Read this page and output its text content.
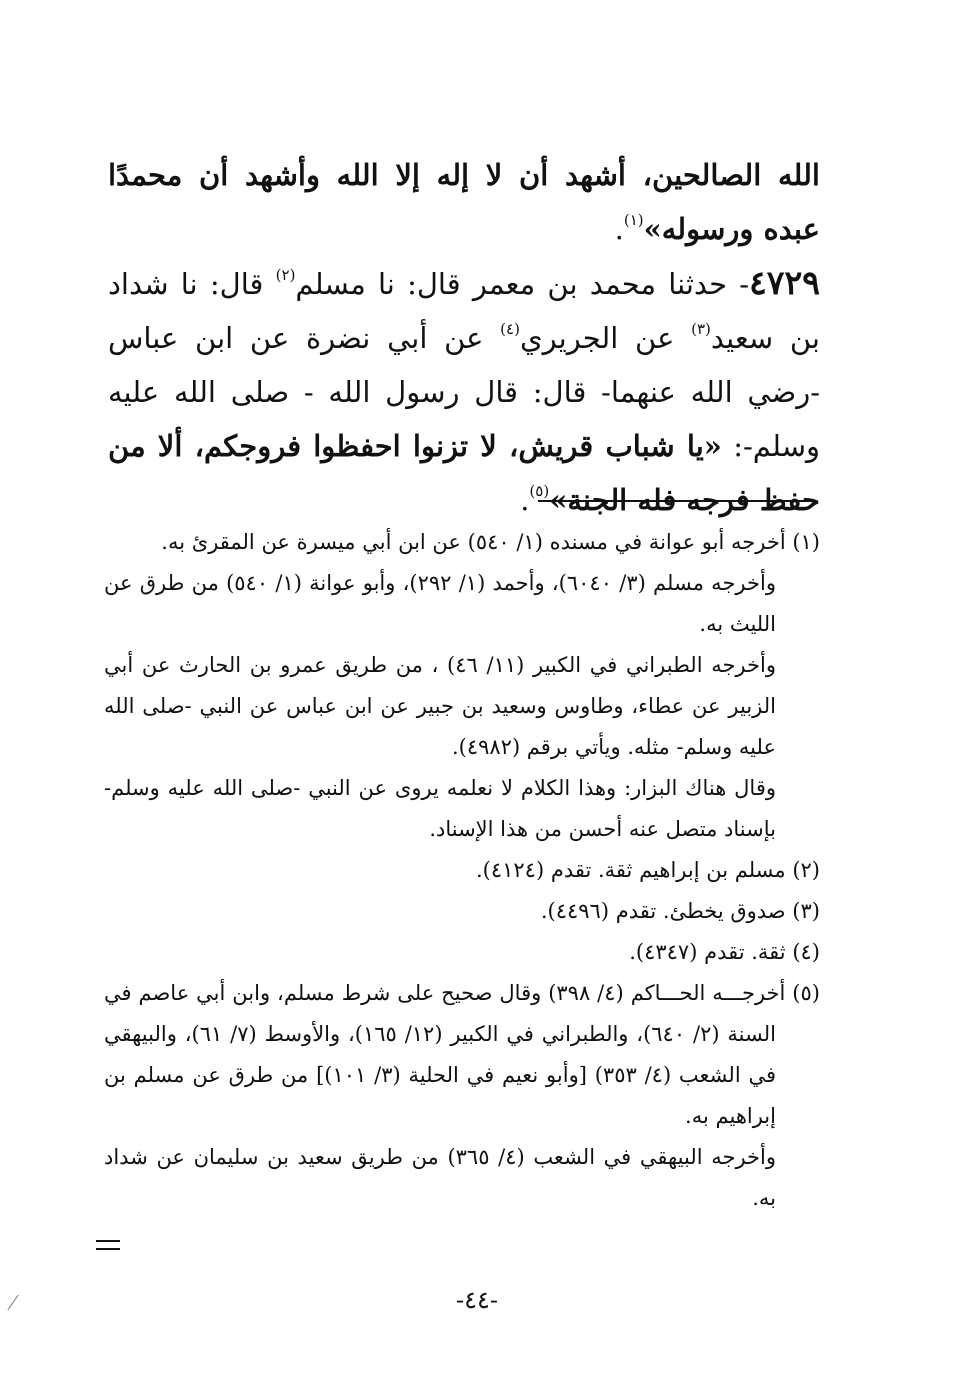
الله الصالحين، أشهد أن لا إله إلا الله وأشهد أن محمدًا عبده ورسوله»$^{(١)}$.

٤٧٢٩- حدثنا محمد بن معمر قال: نا مسلم$^{(٢)}$ قال: نا شداد بن سعيد$^{(٣)}$ عن الجريري$^{(٤)}$ عن أبي نضرة عن ابن عباس -رضي الله عنهما- قال: قال رسول الله - صلى الله عليه وسلم-: «يا شباب قريش، لا تزنوا احفظوا فروجكم، ألا من حفظ فرجه فله الجنة»$^{(٥)}$.

(١) أخرجه أبو عوانة في مسنده (١/ ٥٤٠) عن ابن أبي ميسرة عن المقرئ به.

وأخرجه مسلم (٣/ ٦٠٤٠)، وأحمد (١/ ٢٩٢)، وأبو عوانة (١/ ٥٤٠) من طرق عن الليث به.

وأخرجه الطبراني في الكبير (١١/ ٤٦) ، من طريق عمرو بن الحارث عن أبي الزبير عن عطاء، وطاوس وسعيد بن جبير عن ابن عباس عن النبي -صلى الله عليه وسلم- مثله. ويأتي برقم (٤٩٨٢).

وقال هناك البزار: وهذا الكلام لا نعلمه يروى عن النبي -صلى الله عليه وسلم- بإسناد متصل عنه أحسن من هذا الإسناد.

(٢) مسلم بن إبراهيم ثقة. تقدم (٤١٢٤).

(٣) صدوق يخطئ. تقدم (٤٤٩٦).

(٤) ثقة. تقدم (٤٣٤٧).

(٥) أخرجـــه الحـــاكم (٤/ ٣٩٨) وقال صحيح على شرط مسلم، وابن أبي عاصم في السنة (٢/ ٦٤٠)، والطبراني في الكبير (١٢/ ١٦٥)، والأوسط (٧/ ٦١)، والبيهقي في الشعب (٤/ ٣٥٣) [وأبو نعيم في الحلية (٣/ ١٠١)] من طرق عن مسلم بن إبراهيم به.

وأخرجه البيهقي في الشعب (٤/ ٣٦٥) من طريق سعيد بن سليمان عن شداد به.

-٤٤-
